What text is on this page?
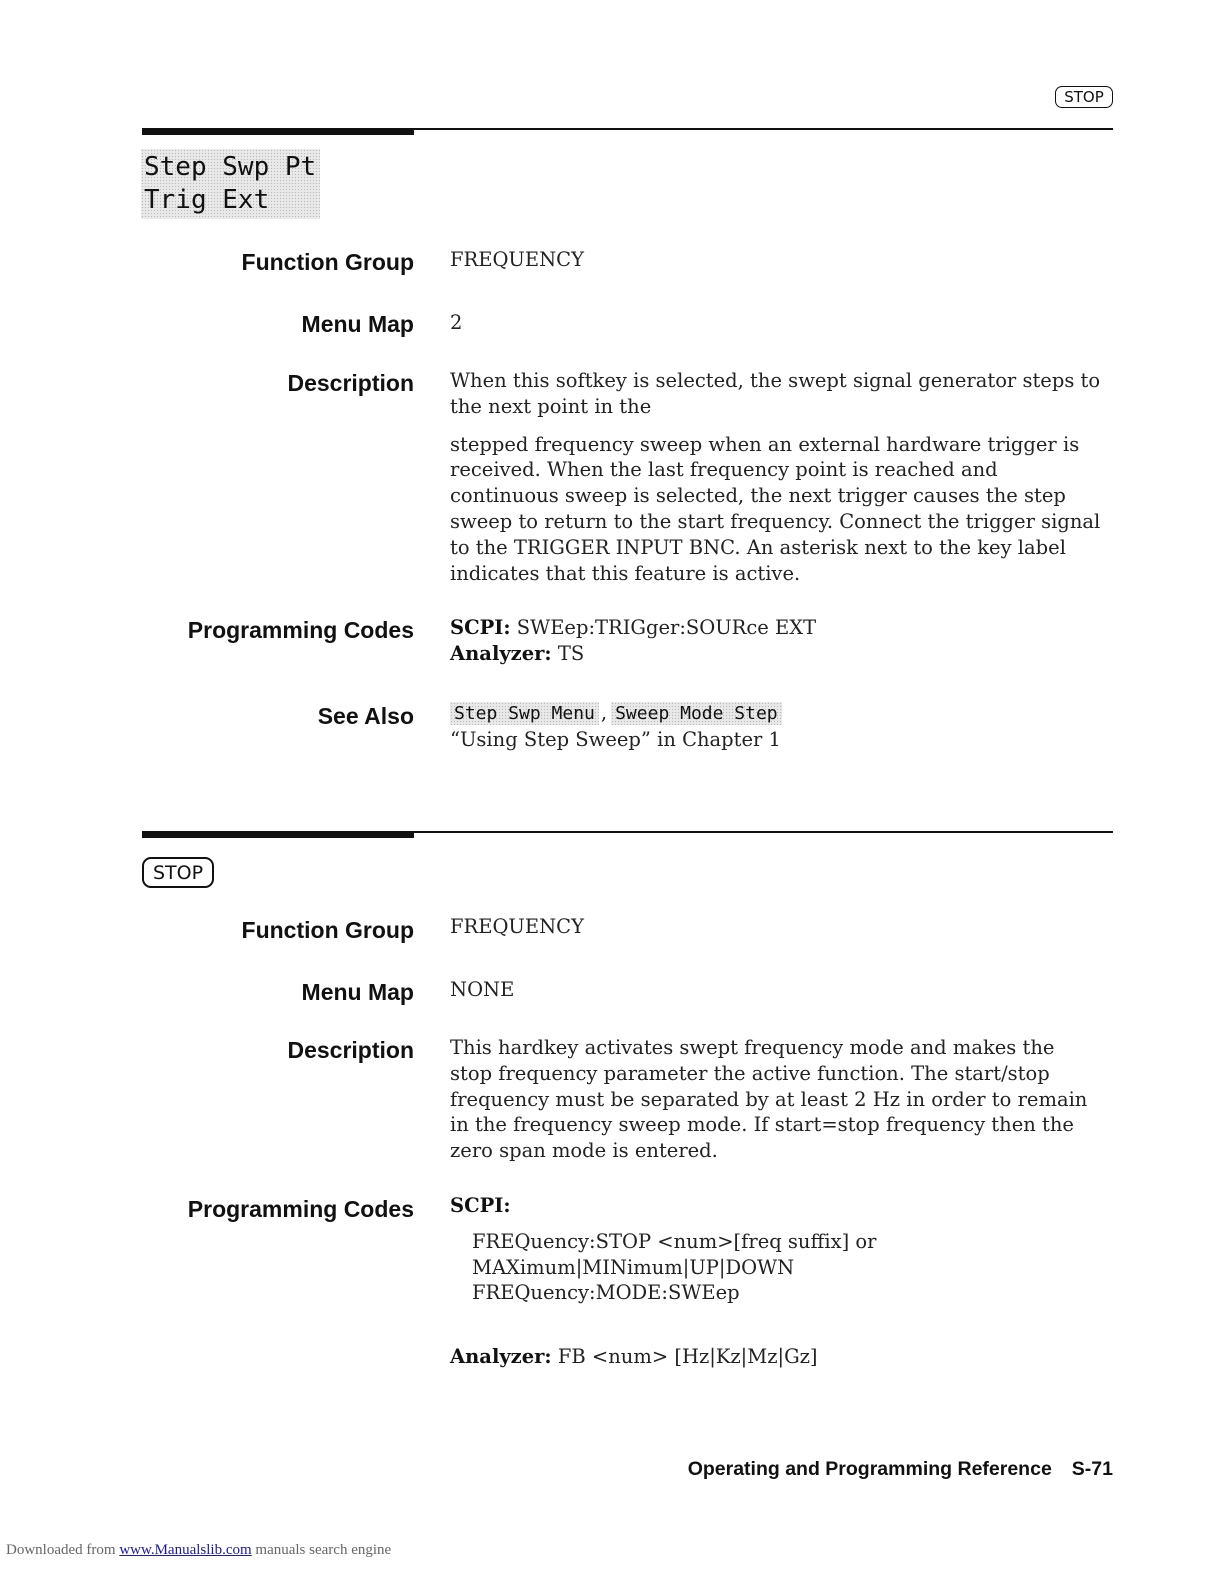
STOP
Step Swp Pt
Trig Ext
Function Group FREQUENCY
Menu Map 2
Description When this softkey is selected, the swept signal generator steps to the next point in the

stepped frequency sweep when an external hardware trigger is received. When the last frequency point is reached and continuous sweep is selected, the next trigger causes the step sweep to return to the start frequency. Connect the trigger signal to the TRIGGER INPUT BNC. An asterisk next to the key label indicates that this feature is active.

Programming Codes SCPI: SWEep:TRIGger:SOURce EXT
Analyzer: TS
See Also Step Swp Menu , Sweep Mode Step
“Using Step Sweep” in Chapter 1
STOP
Function Group FREQUENCY
Menu Map NONE
Description This hardkey activates swept frequency mode and makes the stop frequency parameter the active function. The start/stop frequency must be separated by at least 2 Hz in order to remain in the frequency sweep mode. If start=stop frequency then the zero span mode is entered.

Programming Codes SCPI:
FREQuency:STOP <num>[freq suffix] or
MAXimum|MINimum|UP|DOWN
FREQuency:MODE:SWEep
Analyzer: FB <num> [Hz|Kz|Mz|Gz]
Operating and Programming Reference S-71
Downloaded from www.Manualslib.com manuals search engine
